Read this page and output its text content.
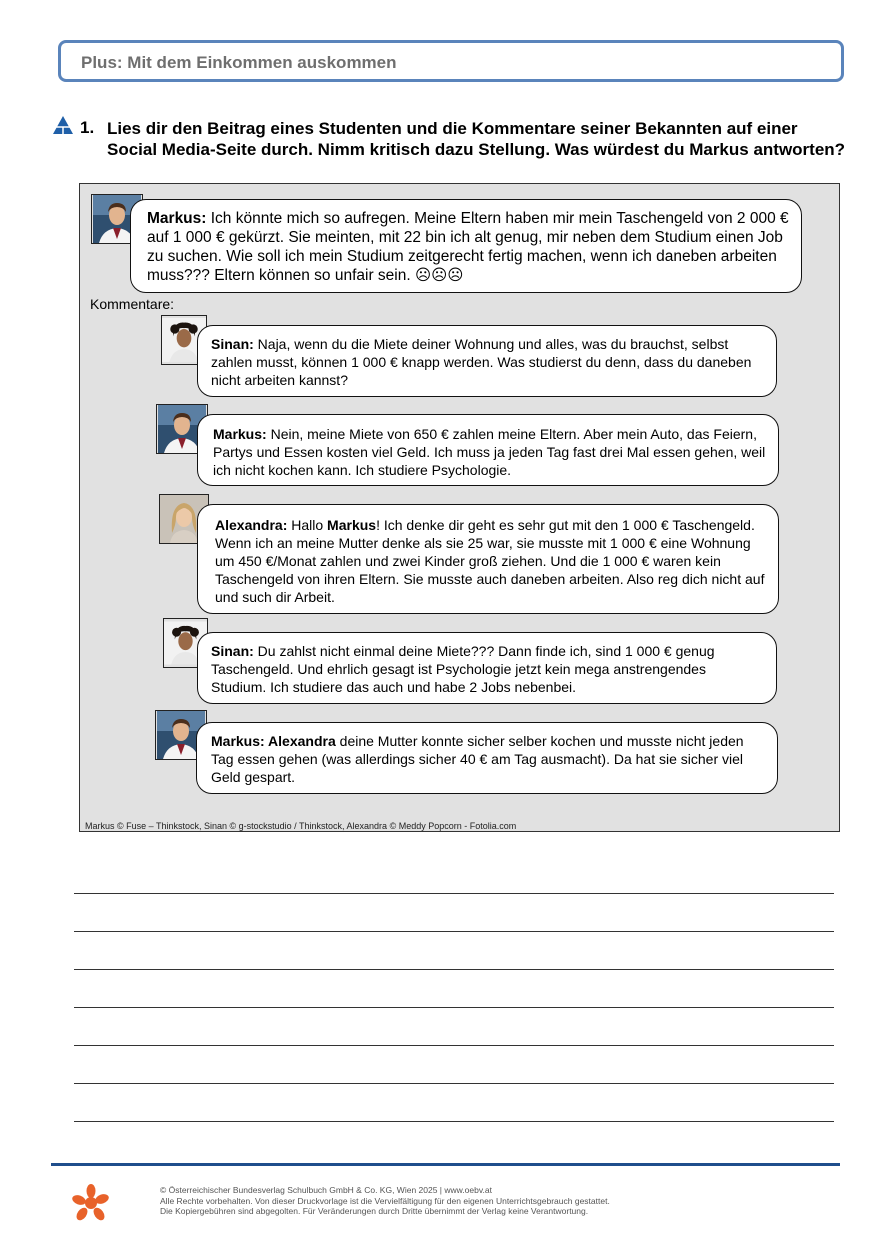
Plus: Mit dem Einkommen auskommen
1. Lies dir den Beitrag eines Studenten und die Kommentare seiner Bekannten auf einer Social Media-Seite durch. Nimm kritisch dazu Stellung. Was würdest du Markus antworten?
Markus: Ich könnte mich so aufregen. Meine Eltern haben mir mein Taschengeld von 2 000 € auf 1 000 € gekürzt. Sie meinten, mit 22 bin ich alt genug, mir neben dem Studium einen Job zu suchen. Wie soll ich mein Studium zeitgerecht fertig machen, wenn ich daneben arbeiten muss??? Eltern können so unfair sein. ☹☹☹
Kommentare:
Sinan: Naja, wenn du die Miete deiner Wohnung und alles, was du brauchst, selbst zahlen musst, können 1 000 € knapp werden. Was studierst du denn, dass du daneben nicht arbeiten kannst?
Markus: Nein, meine Miete von 650 € zahlen meine Eltern. Aber mein Auto, das Feiern, Partys und Essen kosten viel Geld. Ich muss ja jeden Tag fast drei Mal essen gehen, weil ich nicht kochen kann. Ich studiere Psychologie.
Alexandra: Hallo Markus! Ich denke dir geht es sehr gut mit den 1 000 € Taschengeld. Wenn ich an meine Mutter denke als sie 25 war, sie musste mit 1 000 € eine Wohnung um 450 €/Monat zahlen und zwei Kinder groß ziehen. Und die 1 000 € waren kein Taschengeld von ihren Eltern. Sie musste auch daneben arbeiten. Also reg dich nicht auf und such dir Arbeit.
Sinan: Du zahlst nicht einmal deine Miete??? Dann finde ich, sind 1 000 € genug Taschengeld. Und ehrlich gesagt ist Psychologie jetzt kein mega anstrengendes Studium. Ich studiere das auch und habe 2 Jobs nebenbei.
Markus: Alexandra deine Mutter konnte sicher selber kochen und musste nicht jeden Tag essen gehen (was allerdings sicher 40 € am Tag ausmacht). Da hat sie sicher viel Geld gespart.
Markus © Fuse – Thinkstock, Sinan © g-stockstudio / Thinkstock, Alexandra © Meddy Popcorn - Fotolia.com
© Österreichischer Bundesverlag Schulbuch GmbH & Co. KG, Wien 2025 | www.oebv.at
Alle Rechte vorbehalten. Von dieser Druckvorlage ist die Vervielfältigung für den eigenen Unterrichtsgebrauch gestattet.
Die Kopiergebühren sind abgegolten. Für Veränderungen durch Dritte übernimmt der Verlag keine Verantwortung.
